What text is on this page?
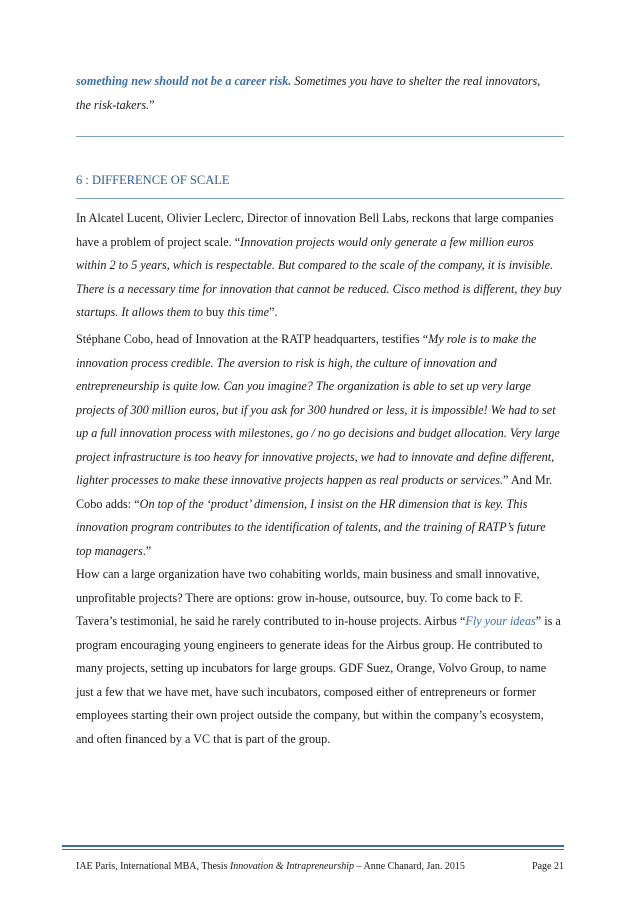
something new should not be a career risk. Sometimes you have to shelter the real innovators,
the risk-takers.”
6 : DIFFERENCE OF SCALE
In Alcatel Lucent, Olivier Leclerc, Director of innovation Bell Labs, reckons that large companies have a problem of project scale. “Innovation projects would only generate a few million euros within 2 to 5 years, which is respectable. But compared to the scale of the company, it is invisible. There is a necessary time for innovation that cannot be reduced. Cisco method is different, they buy startups. It allows them to buy this time”.
Stéphane Cobo, head of Innovation at the RATP headquarters, testifies “My role is to make the innovation process credible. The aversion to risk is high, the culture of innovation and entrepreneurship is quite low. Can you imagine? The organization is able to set up very large projects of 300 million euros, but if you ask for 300 hundred or less, it is impossible! We had to set up a full innovation process with milestones, go / no go decisions and budget allocation. Very large project infrastructure is too heavy for innovative projects, we had to innovate and define different, lighter processes to make these innovative projects happen as real products or services.” And Mr. Cobo adds: “On top of the ‘product’ dimension, I insist on the HR dimension that is key. This innovation program contributes to the identification of talents, and the training of RATP’s future top managers.”
How can a large organization have two cohabiting worlds, main business and small innovative, unprofitable projects? There are options: grow in-house, outsource, buy. To come back to F. Tavera’s testimonial, he said he rarely contributed to in-house projects. Airbus “Fly your ideas” is a program encouraging young engineers to generate ideas for the Airbus group. He contributed to many projects, setting up incubators for large groups. GDF Suez, Orange, Volvo Group, to name just a few that we have met, have such incubators, composed either of entrepreneurs or former employees starting their own project outside the company, but within the company’s ecosystem, and often financed by a VC that is part of the group.
IAE Paris, International MBA, Thesis Innovation & Intrapreneurship – Anne Chanard, Jan. 2015	Page 21
